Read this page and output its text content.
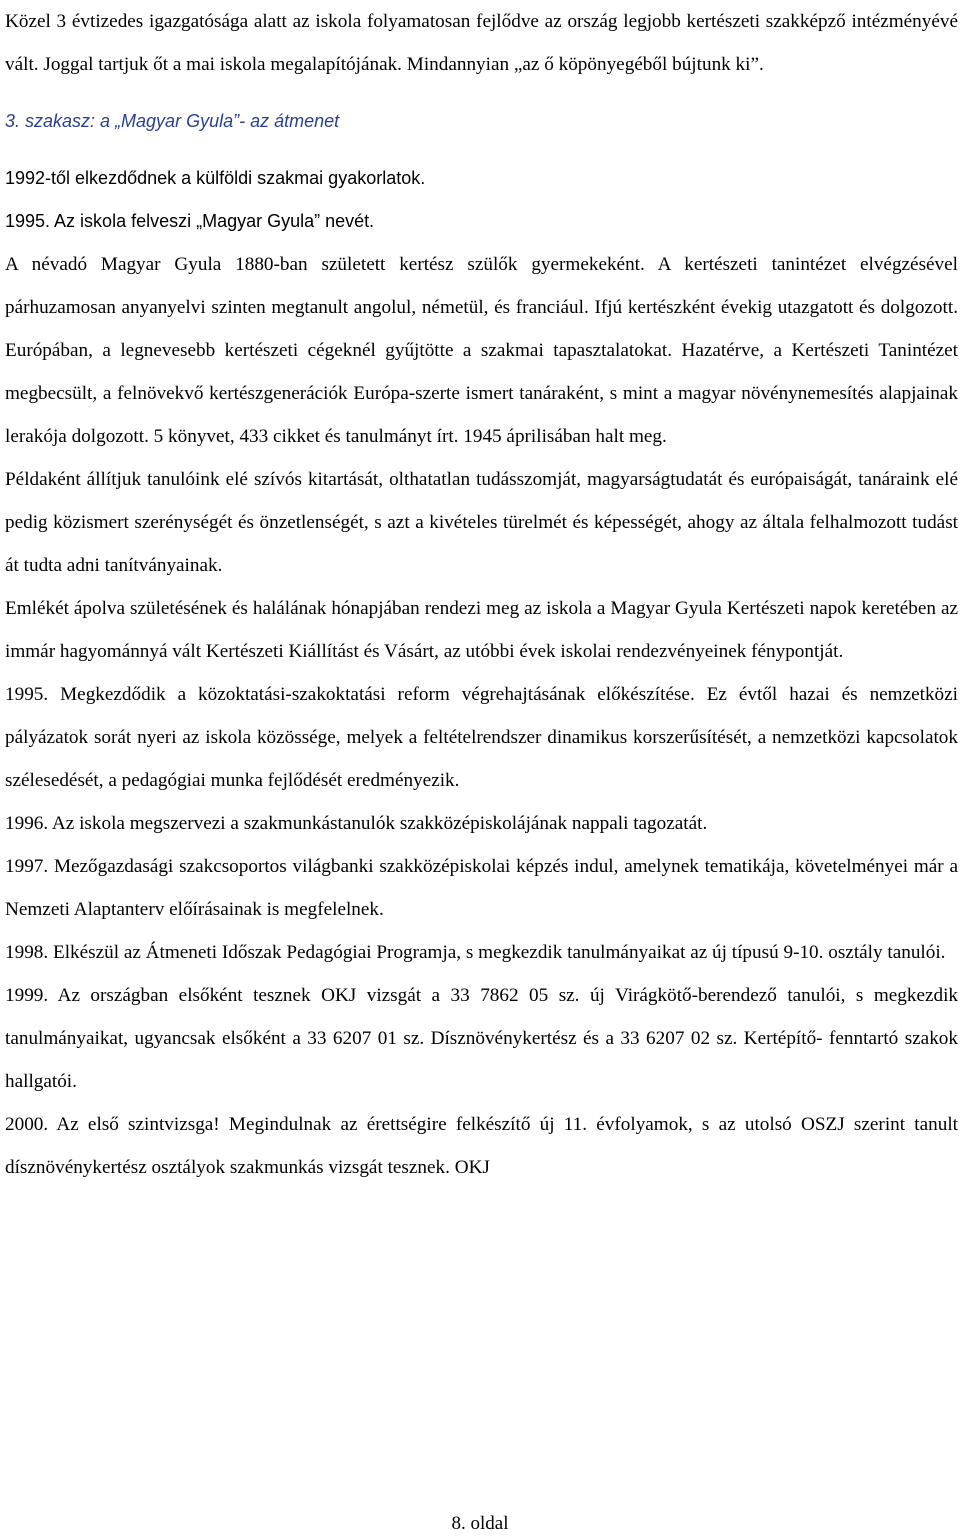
Közel 3 évtizedes igazgatósága alatt az iskola folyamatosan fejlődve az ország legjobb kertészeti szakképző intézményévé vált. Joggal tartjuk őt a mai iskola megalapítójának. Mindannyian „az ő köpönyegéből bújtunk ki”.

3. szakasz: a „Magyar Gyula”- az átmenet

1992-től elkezdődnek a külföldi szakmai gyakorlatok.

1995. Az iskola felveszi „Magyar Gyula” nevét.

A névadó Magyar Gyula 1880-ban született kertész szülők gyermekeként. A kertészeti tanintézet elvégzésével párhuzamosan anyanyelvi szinten megtanult angolul, németül, és franciául. Ifjú kertészként évekig utazgatott és dolgozott. Európában, a legnevesebb kertészeti cégeknél gyűjtötte a szakmai tapasztalatokat. Hazatérve, a Kertészeti Tanintézet megbecsült, a felnövekvő kertészgenerációk Európa-szerte ismert tanáraként, s mint a magyar növénynemesítés alapjainak lerakója dolgozott. 5 könyvet, 433 cikket és tanulmányt írt. 1945 áprilisában halt meg.

Példaként állítjuk tanulóink elé szívós kitartását, olthatatlan tudásszomját, magyarságtudatát és európaiságát, tanáraink elé pedig közismert szerénységét és önzetlenségét, s azt a kivételes türelmét és képességét, ahogy az általa felhalmozott tudást át tudta adni tanítványainak.

Emlékét ápolva születésének és halálának hónapjában rendezi meg az iskola a Magyar Gyula Kertészeti napok keretében az immár hagyománnyá vált Kertészeti Kiállítást és Vásárt, az utóbbi évek iskolai rendezvényeinek fénypontját.

1995. Megkezdődik a közoktatási-szakoktatási reform végrehajtásának előkészítése. Ez évtől hazai és nemzetközi pályázatok sorát nyeri az iskola közössége, melyek a feltételrendszer dinamikus korszerűsítését, a nemzetközi kapcsolatok szélesedését, a pedagógiai munka fejlődését eredményezik.

1996. Az iskola megszervezi a szakmunkástanulók szakközépiskolájának nappali tagozatát.

1997. Mezőgazdasági szakcsoportos világbanki szakközépiskolai képzés indul, amelynek tematikája, követelményei már a Nemzeti Alaptanterv előírásainak is megfelelnek.

1998. Elkészül az Átmeneti Időszak Pedagógiai Programja, s megkezdik tanulmányaikat az új típusú 9-10. osztály tanulói.

1999. Az országban elsőként tesznek OKJ vizsgát a 33 7862 05 sz. új Virágkötő-berendező tanulói, s megkezdik tanulmányaikat, ugyancsak elsőként a 33 6207 01 sz. Dísznövénykertész és a 33 6207 02 sz. Kertépítő- fenntartó szakok hallgatói.

2000. Az első szintvizsga! Megindulnak az érettségire felkészítő új 11. évfolyamok, s az utolsó OSZJ szerint tanult dísznövénykertész osztályok szakmunkás vizsgát tesznek. OKJ

8. oldal
